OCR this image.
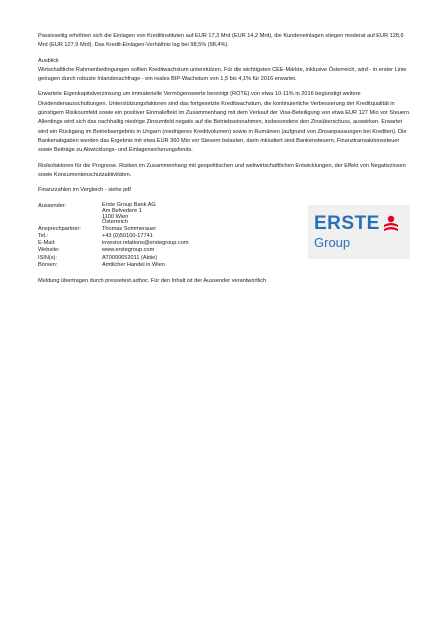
Passivseitig erhöhten sich die Einlagen von Kreditinstituten auf EUR 17,3 Mrd (EUR 14,2 Mrd), die Kundeneinlagen stiegen moderat auf EUR 128,6 Mrd (EUR 127,9 Mrd). Das Kredit-Einlagen-Verhältnis lag bei 98,5% (98,4%).

Ausblick

Wirtschaftliche Rahmenbedingungen sollten Kreditwachstum unterstützen. Für die wichtigsten CEE-Märkte, inklusive Österreich, wird - in erster Linie getragen durch robuste Inlandsnachfrage - ein reales BIP-Wachstum von 1,5 bis 4,1% für 2016 erwartet.

Erwartete Eigenkapitalverzinsung um immaterielle Vermögenswerte bereinigt (ROTE) von etwa 10-11% in 2016 begünstigt weitere Dividendenausschüttungen. Unterstützungsfaktoren sind das fortgesetzte Kreditwachstum, die kontinuierliche Verbesserung der Kreditqualität in günstigem Risikoumfeld sowie ein positiver Einmaleffekt im Zusammenhang mit dem Verkauf der Visa-Beteiligung von etwa EUR 127 Mio vor Steuern. Allerdings wird sich das nachhaltig niedrige Zinsumfeld negativ auf die Betriebseinnahmen, insbesondere den Zinsüberschuss, auswirken. Erwartet wird ein Rückgang im Betriebsergebnis in Ungarn (niedrigeres Kreditvolumen) sowie in Rumänien (aufgrund von Zinsanpassungen bei Krediten). Die Bankenabgaben werden das Ergebnis mit etwa EUR 360 Mio vor Steuern belasten, darin inkludiert sind Bankensteuern, Finanztransaktionssteuer sowie Beiträge zu Abwicklungs- und Einlagensicherungsfonds.

Risikofaktoren für die Prognose. Risiken im Zusammenhang mit geopolitischen und weltwirtschaftlichen Entwicklungen, der Effekt von Negativzinsen sowie Konsumentenschutzaktivitäten.

Finanzzahlen im Vergleich - siehe pdf

Aussender:	Erste Group Bank AG
Am Belvedere 1
1100 Wien
Österreich

Ansprechpartner:	Thomas Sommerauer
Tel.:	+43 (0)50100-17741
E-Mail:	investor.relations@erstegroup.com
Website:	www.erstegroup.com
ISIN(s):	AT0000652011 (Aktie)
Börsen:	Amtlicher Handel in Wien
ERSTE
Group

Meldung übertragen durch pressetext.adhoc. Für den Inhalt ist der Aussender verantwortlich.
